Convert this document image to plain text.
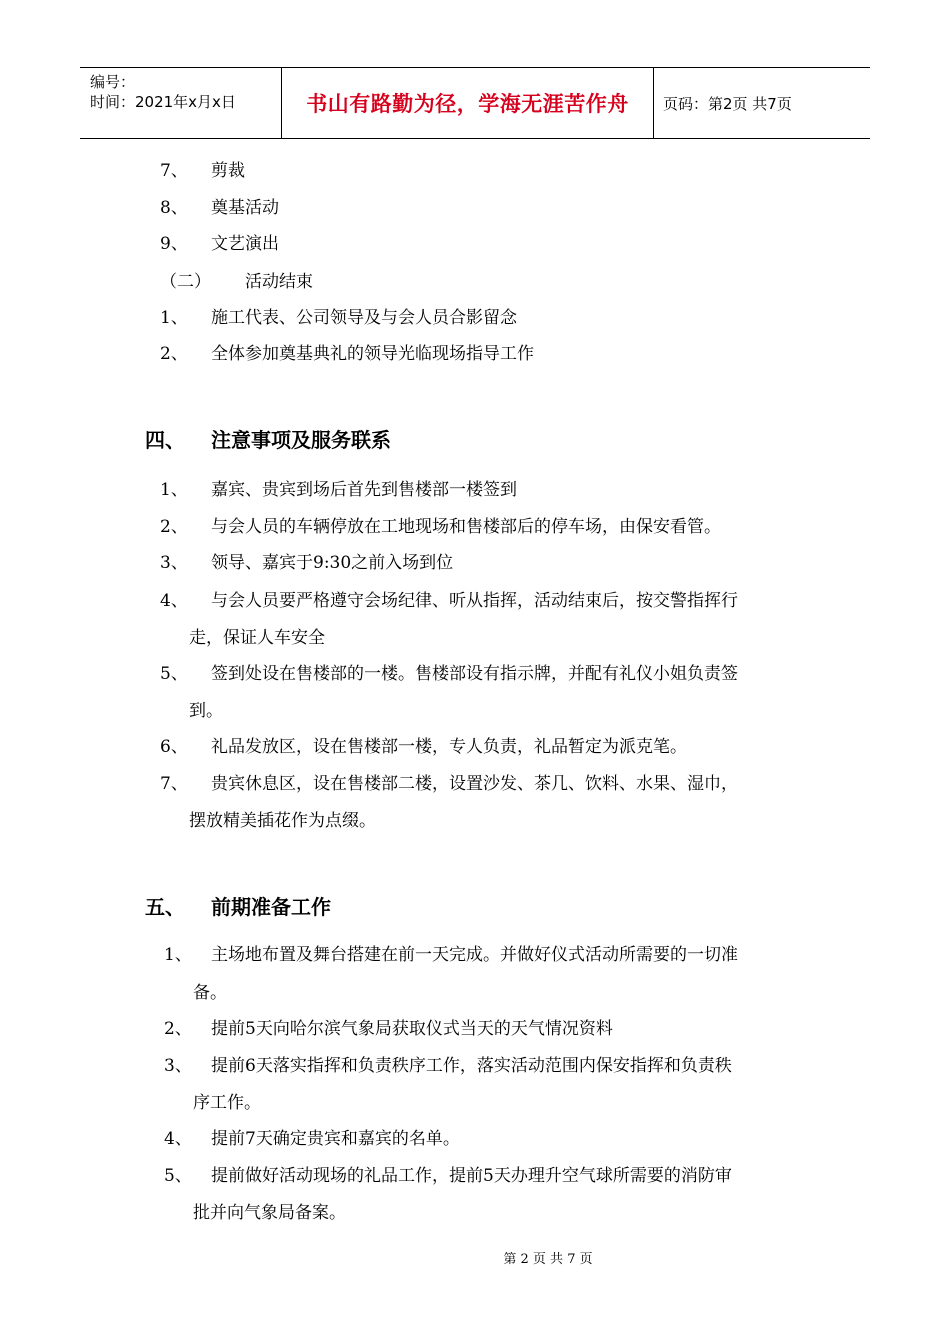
编号：
时间：2021年x月x日	书山有路勤为径，学海无涯苦作舟 页码：第2页 共7页
7、 剪裁
8、 奠基活动
9、 文艺演出
（二） 活动结束
1、 施工代表、公司领导及与会人员合影留念
2、 全体参加奠基典礼的领导光临现场指导工作
四、 注意事项及服务联系
1、 嘉宾、贵宾到场后首先到售楼部一楼签到
2、 与会人员的车辆停放在工地现场和售楼部后的停车场，由保安看管。
3、 领导、嘉宾于9:30之前入场到位
4、 与会人员要严格遵守会场纪律、听从指挥，活动结束后，按交警指挥行
走，保证人车安全
5、 签到处设在售楼部的一楼。售楼部设有指示牌，并配有礼仪小姐负责签
到。
6、 礼品发放区，设在售楼部一楼，专人负责，礼品暂定为派克笔。
7、 贵宾休息区，设在售楼部二楼，设置沙发、茶几、饮料、水果、湿巾，
摆放精美插花作为点缀。
五、 前期准备工作
1、 主场地布置及舞台搭建在前一天完成。并做好仪式活动所需要的一切准
备。
2、 提前5天向哈尔滨气象局获取仪式当天的天气情况资料
3、 提前6天落实指挥和负责秩序工作，落实活动范围内保安指挥和负责秩
序工作。
4、 提前7天确定贵宾和嘉宾的名单。
5、 提前做好活动现场的礼品工作，提前5天办理升空气球所需要的消防审
批并向气象局备案。
第 2 页 共 7 页
